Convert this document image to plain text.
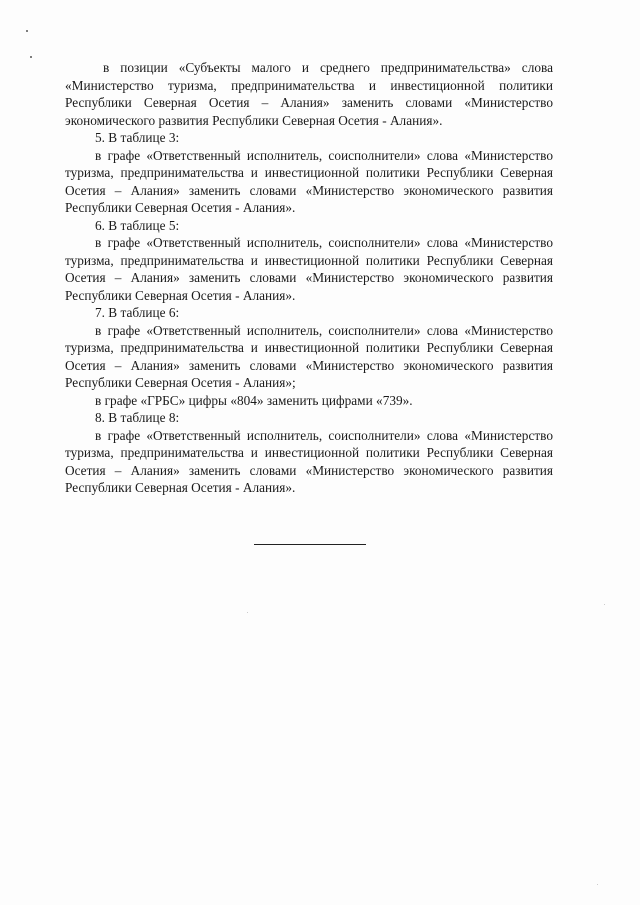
в позиции «Субъекты малого и среднего предпринимательства» слова «Министерство туризма, предпринимательства и инвестиционной политики Республики Северная Осетия – Алания» заменить словами «Министерство экономического развития Республики Северная Осетия - Алания».

5. В таблице 3:

в графе «Ответственный исполнитель, соисполнители» слова «Министерство туризма, предпринимательства и инвестиционной политики Республики Северная Осетия – Алания» заменить словами «Министерство экономического развития Республики Северная Осетия - Алания».

6. В таблице 5:

в графе «Ответственный исполнитель, соисполнители» слова «Министерство туризма, предпринимательства и инвестиционной политики Республики Северная Осетия – Алания» заменить словами «Министерство экономического развития Республики Северная Осетия - Алания».

7. В таблице 6:

в графе «Ответственный исполнитель, соисполнители» слова «Министерство туризма, предпринимательства и инвестиционной политики Республики Северная Осетия – Алания» заменить словами «Министерство экономического развития Республики Северная Осетия - Алания»;

в графе «ГРБС» цифры «804» заменить цифрами «739».

8. В таблице 8:

в графе «Ответственный исполнитель, соисполнители» слова «Министерство туризма, предпринимательства и инвестиционной политики Республики Северная Осетия – Алания» заменить словами «Министерство экономического развития Республики Северная Осетия - Алания».
